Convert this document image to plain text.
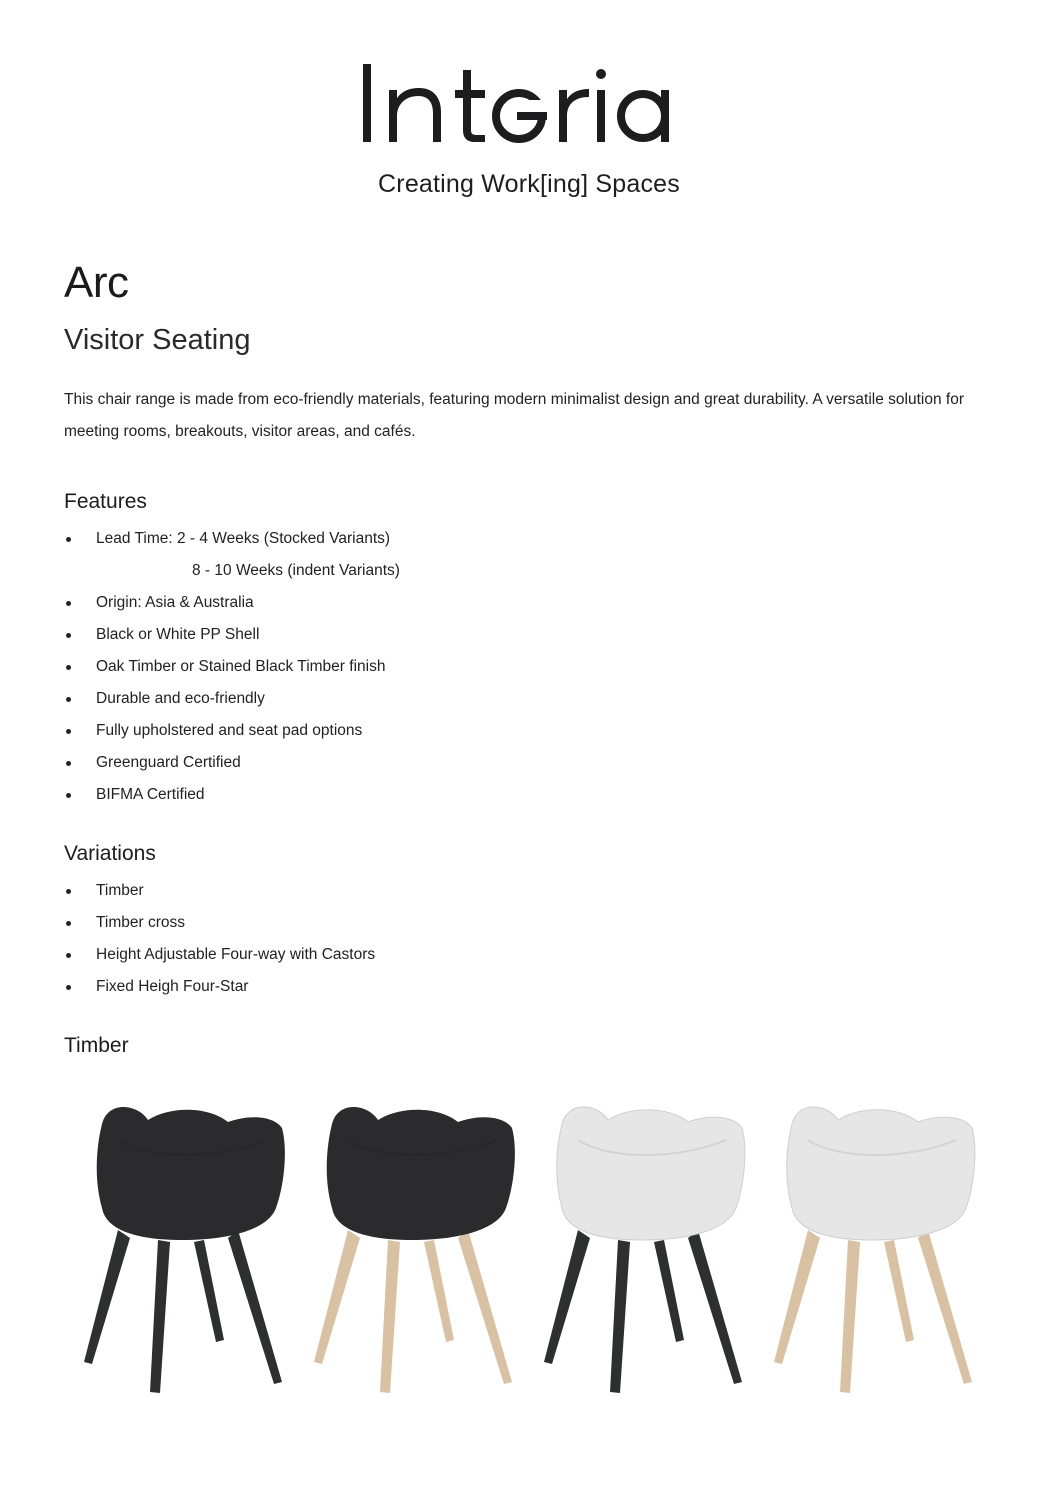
Creating Work[ing] Spaces
Arc
Visitor Seating
This chair range is made from eco-friendly materials, featuring modern minimalist design and great durability. A versatile solution for meeting rooms, breakouts, visitor areas, and cafés.
Features
Lead Time: 2 - 4 Weeks (Stocked Variants)
8 - 10 Weeks (indent Variants)
Origin: Asia & Australia
Black or White PP Shell
Oak Timber or Stained Black Timber finish
Durable and eco-friendly
Fully upholstered and seat pad options
Greenguard Certified
BIFMA Certified
Variations
Timber
Timber cross
Height Adjustable Four-way with Castors
Fixed Heigh Four-Star
Timber
